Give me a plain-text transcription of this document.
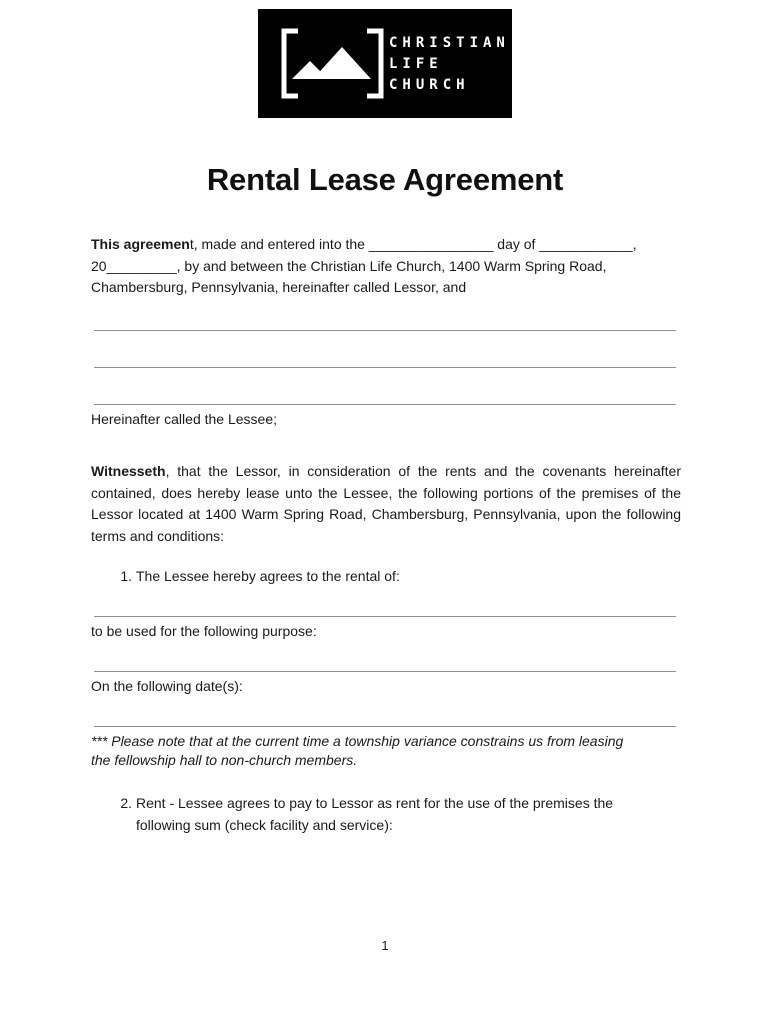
CHRISTIAN
LIFE
CHURCH
Rental Lease Agreement
This agreement, made and entered into the ________________ day of ____________,
20_________, by and between the Christian Life Church, 1400 Warm Spring Road,
Chambersburg, Pennsylvania, hereinafter called Lessor, and
Hereinafter called the Lessee;
Witnesseth, that the Lessor, in consideration of the rents and the covenants hereinafter contained, does hereby lease unto the Lessee, the following portions of the premises of the Lessor located at 1400 Warm Spring Road, Chambersburg, Pennsylvania, upon the following terms and conditions:
1. The Lessee hereby agrees to the rental of:
to be used for the following purpose:
On the following date(s):
*** Please note that at the current time a township variance constrains us from leasing
the fellowship hall to non-church members.
2. Rent - Lessee agrees to pay to Lessor as rent for the use of the premises the
following sum (check facility and service):
1
